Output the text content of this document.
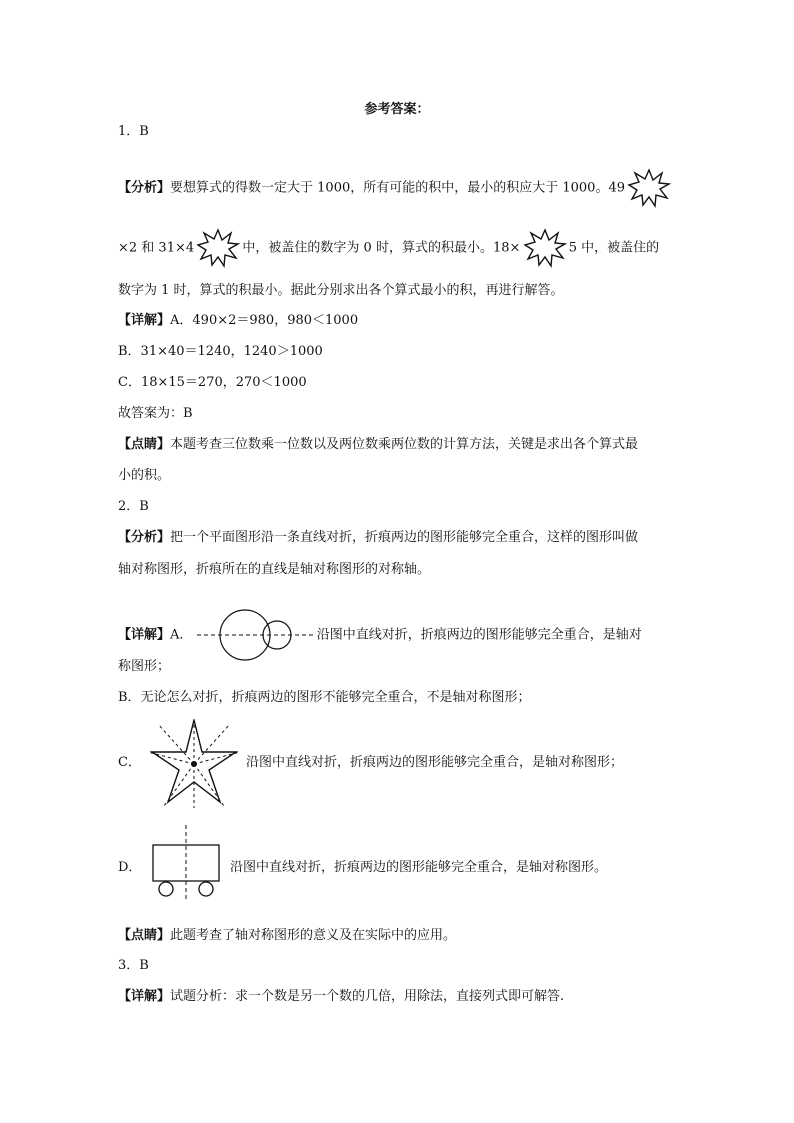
参考答案：
1．B
【分析】要想算式的得数一定大于 1000，所有可能的积中，最小的积应大于 1000。49
×2 和 31×4	中，被盖住的数字为 0 时，算式的积最小。18×	5 中，被盖住的
数字为 1 时，算式的积最小。据此分别求出各个算式最小的积，再进行解答。
【详解】A．490×2＝980，980＜1000
B．31×40＝1240，1240＞1000
C．18×15＝270，270＜1000
故答案为：B
【点睛】本题考查三位数乘一位数以及两位数乘两位数的计算方法，关键是求出各个算式最
小的积。
2．B
【分析】把一个平面图形沿一条直线对折，折痕两边的图形能够完全重合，这样的图形叫做
轴对称图形，折痕所在的直线是轴对称图形的对称轴。
【详解】A．	沿图中直线对折，折痕两边的图形能够完全重合，是轴对
称图形；
B．无论怎么对折，折痕两边的图形不能够完全重合，不是轴对称图形；
C．	沿图中直线对折，折痕两边的图形能够完全重合，是轴对称图形；
D．	沿图中直线对折，折痕两边的图形能够完全重合，是轴对称图形。
【点睛】此题考查了轴对称图形的意义及在实际中的应用。
3．B
【详解】试题分析：求一个数是另一个数的几倍，用除法，直接列式即可解答.
